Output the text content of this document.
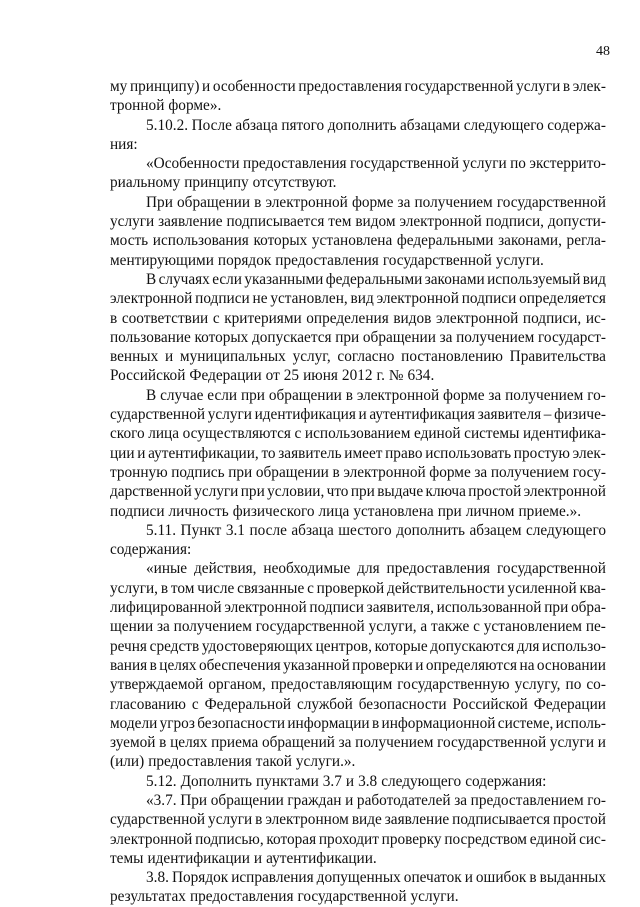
48
му принципу) и особенности предоставления государственной услуги в элек-
тронной форме».
5.10.2. После абзаца пятого дополнить абзацами следующего содержа-
ния:
«Особенности предоставления государственной услуги по экстеррито-
риальному принципу отсутствуют.
При обращении в электронной форме за получением государственной
услуги заявление подписывается тем видом электронной подписи, допусти-
мость использования которых установлена федеральными законами, регла-
ментирующими порядок предоставления государственной услуги.
В случаях если указанными федеральными законами используемый вид
электронной подписи не установлен, вид электронной подписи определяется
в соответствии с критериями определения видов электронной подписи, ис-
пользование которых допускается при обращении за получением государст-
венных и муниципальных услуг, согласно постановлению Правительства
Российской Федерации от 25 июня 2012 г. № 634.
В случае если при обращении в электронной форме за получением го-
сударственной услуги идентификация и аутентификация заявителя – физиче-
ского лица осуществляются с использованием единой системы идентифика-
ции и аутентификации, то заявитель имеет право использовать простую элек-
тронную подпись при обращении в электронной форме за получением госу-
дарственной услуги при условии, что при выдаче ключа простой электронной
подписи личность физического лица установлена при личном приеме.».
5.11. Пункт 3.1 после абзаца шестого дополнить абзацем следующего
содержания:
«иные действия, необходимые для предоставления государственной
услуги, в том числе связанные с проверкой действительности усиленной ква-
лифицированной электронной подписи заявителя, использованной при обра-
щении за получением государственной услуги, а также с установлением пе-
речня средств удостоверяющих центров, которые допускаются для использо-
вания в целях обеспечения указанной проверки и определяются на основании
утверждаемой органом, предоставляющим государственную услугу, по со-
гласованию с Федеральной службой безопасности Российской Федерации
модели угроз безопасности информации в информационной системе, исполь-
зуемой в целях приема обращений за получением государственной услуги и
(или) предоставления такой услуги.».
5.12. Дополнить пунктами 3.7 и 3.8 следующего содержания:
«3.7. При обращении граждан и работодателей за предоставлением го-
сударственной услуги в электронном виде заявление подписывается простой
электронной подписью, которая проходит проверку посредством единой сис-
темы идентификации и аутентификации.
3.8. Порядок исправления допущенных опечаток и ошибок в выданных
результатах предоставления государственной услуги.
